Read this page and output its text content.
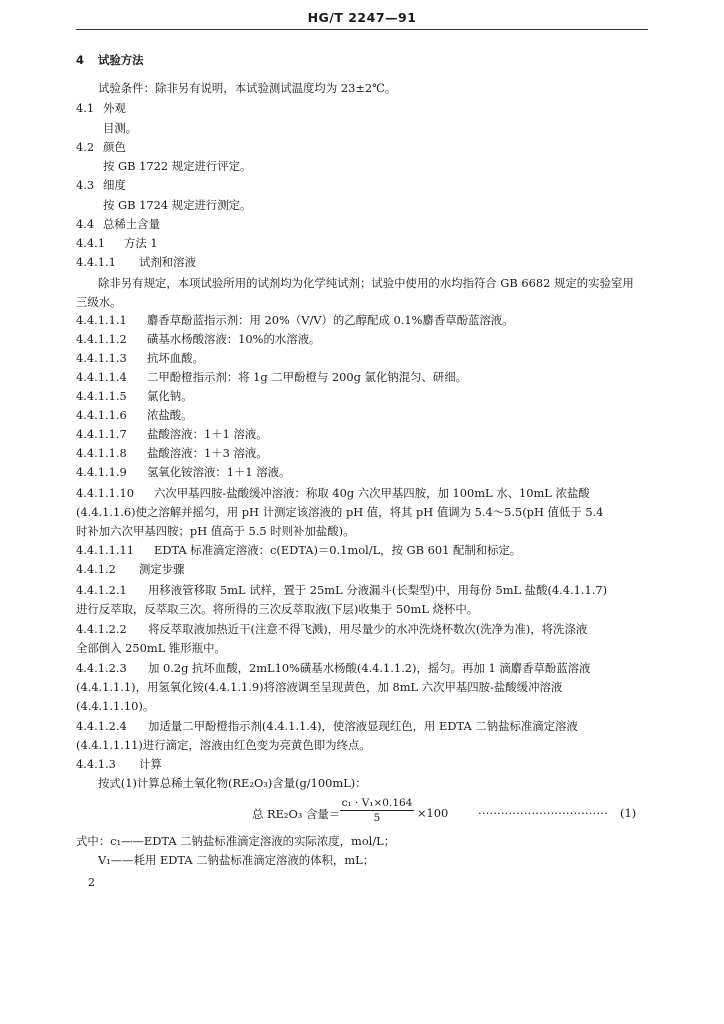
HG/T 2247—91
4 试验方法
试验条件：除非另有说明，本试验测试温度均为 23±2℃。
4.1 外观
目测。
4.2 颜色
按 GB 1722 规定进行评定。
4.3 细度
按 GB 1724 规定进行测定。
4.4 总稀土含量
4.4.1 方法 1
4.4.1.1 试剂和溶液
除非另有规定，本项试验所用的试剂均为化学纯试剂；试验中使用的水均指符合 GB 6682 规定的实验室用三级水。
4.4.1.1.1 麝香草酚蓝指示剂：用 20%（V/V）的乙醇配成 0.1%麝香草酚蓝溶液。
4.4.1.1.2 磺基水杨酸溶液：10%的水溶液。
4.4.1.1.3 抗坏血酸。
4.4.1.1.4 二甲酚橙指示剂：将 1g 二甲酚橙与 200g 氯化钠混匀、研细。
4.4.1.1.5 氯化钠。
4.4.1.1.6 浓盐酸。
4.4.1.1.7 盐酸溶液：1＋1 溶液。
4.4.1.1.8 盐酸溶液：1＋3 溶液。
4.4.1.1.9 氢氧化铵溶液：1＋1 溶液。
4.4.1.1.10 六次甲基四胺-盐酸缓冲溶液：称取 40g 六次甲基四胺，加 100mL 水、10mL 浓盐酸
(4.4.1.1.6)使之溶解并摇匀，用 pH 计测定该溶液的 pH 值，将其 pH 值调为 5.4～5.5(pH 值低于 5.4
时补加六次甲基四胺；pH 值高于 5.5 时则补加盐酸)。
4.4.1.1.11 EDTA 标准滴定溶液：c(EDTA)＝0.1mol/L，按 GB 601 配制和标定。
4.4.1.2 测定步骤
4.4.1.2.1 用移液管移取 5mL 试样，置于 25mL 分液漏斗(长梨型)中，用每份 5mL 盐酸(4.4.1.1.7)
进行反萃取，反萃取三次。将所得的三次反萃取液(下层)收集于 50mL 烧杯中。
4.4.1.2.2 将反萃取液加热近干(注意不得飞溅)，用尽量少的水冲洗烧杯数次(洗净为准)，将洗涤液
全部倒入 250mL 锥形瓶中。
4.4.1.2.3 加 0.2g 抗坏血酸，2mL10%磺基水杨酸(4.4.1.1.2)，摇匀。再加 1 滴麝香草酚蓝溶液
(4.4.1.1.1)，用氢氧化铵(4.4.1.1.9)将溶液调至呈现黄色，加 8mL 六次甲基四胺-盐酸缓冲溶液
(4.4.1.1.10)。
4.4.1.2.4 加适量二甲酚橙指示剂(4.4.1.1.4)，使溶液显现红色，用 EDTA 二钠盐标准滴定溶液
(4.4.1.1.11)进行滴定，溶液由红色变为亮黄色即为终点。
4.4.1.3 计算
按式(1)计算总稀土氧化物(RE₂O₃)含量(g/100mL)：
总 RE₂O₃ 含量＝
c₁ · V₁×0.164
5	×100	·································· (1)
式中：c₁——EDTA 二钠盐标准滴定溶液的实际浓度，mol/L；
V₁——耗用 EDTA 二钠盐标准滴定溶液的体积，mL；
2
